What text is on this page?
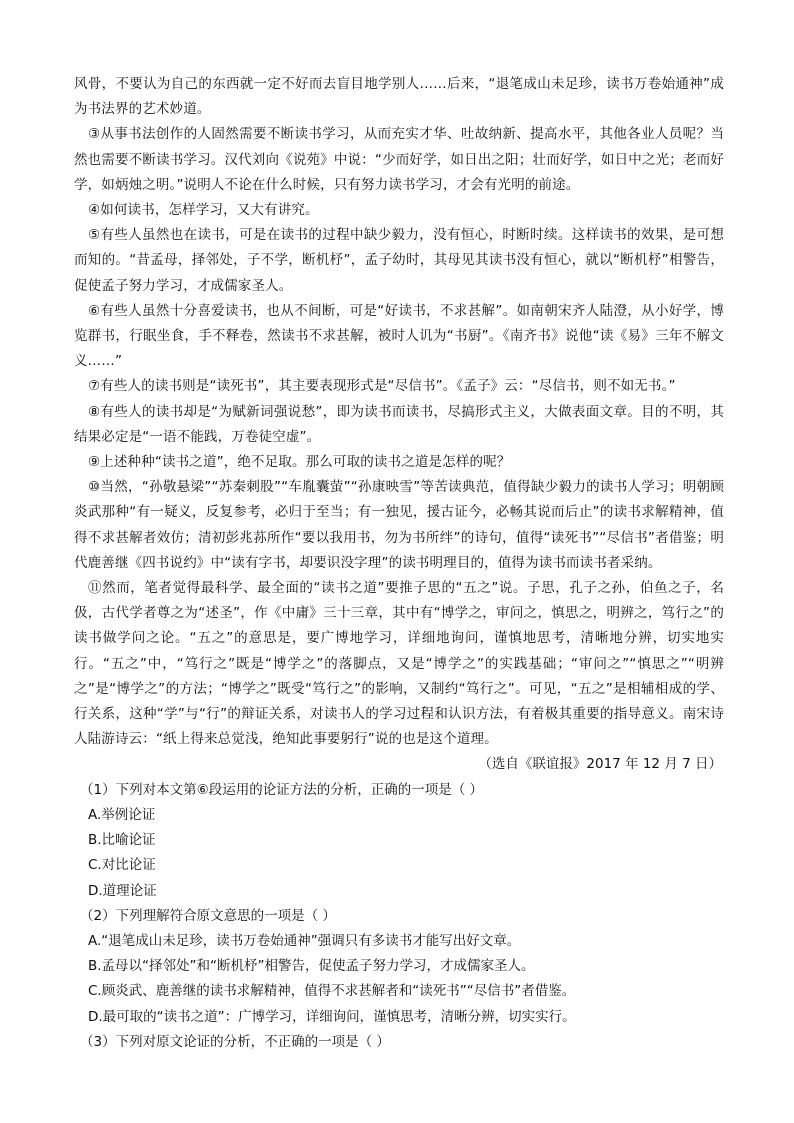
风骨，不要认为自己的东西就一定不好而去盲目地学别人……后来，“退笔成山未足珍，读书万卷始通神”成为书法界的艺术妙道。

③从事书法创作的人固然需要不断读书学习，从而充实才华、吐故纳新、提高水平，其他各业人员呢？当然也需要不断读书学习。汉代刘向《说苑》中说：“少而好学，如日出之阳；壮而好学，如日中之光；老而好学，如炳烛之明。”说明人不论在什么时候，只有努力读书学习，才会有光明的前途。

④如何读书，怎样学习，又大有讲究。

⑤有些人虽然也在读书，可是在读书的过程中缺少毅力，没有恒心，时断时续。这样读书的效果，是可想而知的。“昔孟母，择邻处，子不学，断机杼”，孟子幼时，其母见其读书没有恒心，就以“断机杼”相警告，促使孟子努力学习，才成儒家圣人。

⑥有些人虽然十分喜爱读书，也从不间断，可是“好读书，不求甚解”。如南朝宋齐人陆澄，从小好学，博览群书，行眠坐食，手不释卷，然读书不求甚解，被时人讥为“书厨”。《南齐书》说他“读《易》三年不解文义……”

⑦有些人的读书则是“读死书”，其主要表现形式是“尽信书”。《孟子》云：“尽信书，则不如无书。”

⑧有些人的读书却是“为赋新词强说愁”，即为读书而读书，尽搞形式主义，大做表面文章。目的不明，其结果必定是“一语不能践，万卷徒空虚”。

⑨上述种种“读书之道”，绝不足取。那么可取的读书之道是怎样的呢？

⑩当然，“孙敬悬梁”“苏秦刺股”“车胤囊萤”“孙康映雪”等苦读典范，值得缺少毅力的读书人学习；明朝顾炎武那种“有一疑义，反复参考，必归于至当；有一独见，援古证今，必畅其说而后止”的读书求解精神，值得不求甚解者效仿；清初彭兆荪所作“要以我用书，勿为书所绊”的诗句，值得“读死书”“尽信书”者借鉴；明代鹿善继《四书说约》中“读有字书，却要识没字理”的读书明理目的，值得为读书而读书者采纳。

⑪然而，笔者觉得最科学、最全面的“读书之道”要推子思的“五之”说。子思，孔子之孙，伯鱼之子，名伋，古代学者尊之为“述圣”，作《中庸》三十三章，其中有“博学之，审问之，慎思之，明辨之，笃行之”的读书做学问之论。“五之”的意思是，要广博地学习，详细地询问，谨慎地思考，清晰地分辨，切实地实行。“五之”中，“笃行之”既是“博学之”的落脚点，又是“博学之”的实践基础；“审问之”“慎思之”“明辨之”是“博学之”的方法；“博学之”既受“笃行之”的影响，又制约“笃行之”。可见，“五之”是相辅相成的学、行关系，这种“学”与“行”的辩证关系，对读书人的学习过程和认识方法，有着极其重要的指导意义。南宋诗人陆游诗云：“纸上得来总觉浅，绝知此事要躬行”说的也是这个道理。

（选自《联谊报》2017 年 12 月 7 日）

（1）下列对本文第⑥段运用的论证方法的分析，正确的一项是（ ）

A.举例论证

B.比喻论证

C.对比论证

D.道理论证

（2）下列理解符合原文意思的一项是（ ）

A.“退笔成山未足珍，读书万卷始通神”强调只有多读书才能写出好文章。

B.孟母以“择邻处”和“断机杼”相警告，促使孟子努力学习，才成儒家圣人。

C.顾炎武、鹿善继的读书求解精神，值得不求甚解者和“读死书”“尽信书”者借鉴。

D.最可取的“读书之道”：广博学习，详细询问，谨慎思考，清晰分辨，切实实行。

（3）下列对原文论证的分析，不正确的一项是（ ）
